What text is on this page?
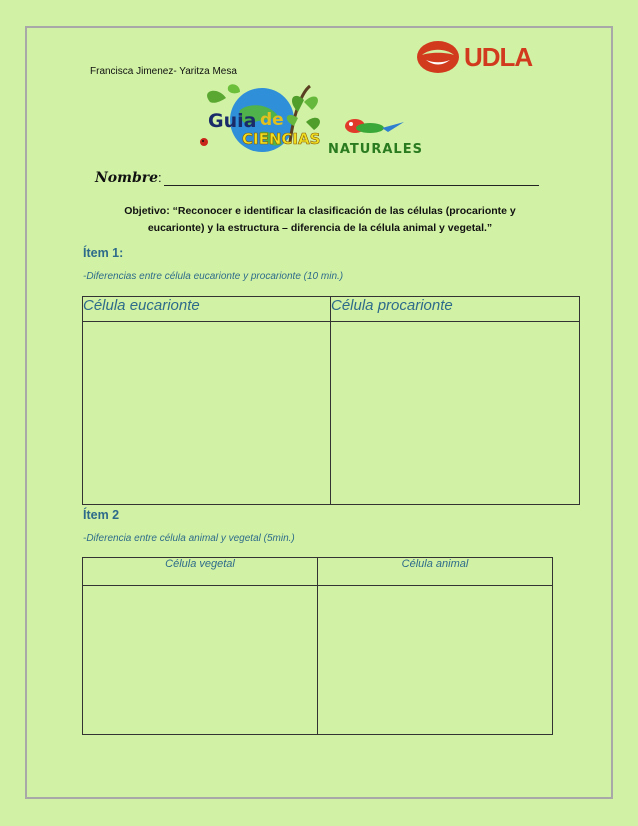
Francisca Jimenez- Yaritza Mesa	UDLA
Guia de
CIENCIAS
NATURALES
Nombre:
Objetivo: “Reconocer e identificar la clasificación de las células (procarionte y eucarionte) y la estructura – diferencia de la célula animal y vegetal.”
Ítem 1:
-Diferencias entre célula eucarionte y procarionte (10 min.)
Célula eucarionte	Célula procarionte

Ítem 2
-Diferencia entre célula animal y vegetal (5min.)
Célula vegetal	Célula animal
